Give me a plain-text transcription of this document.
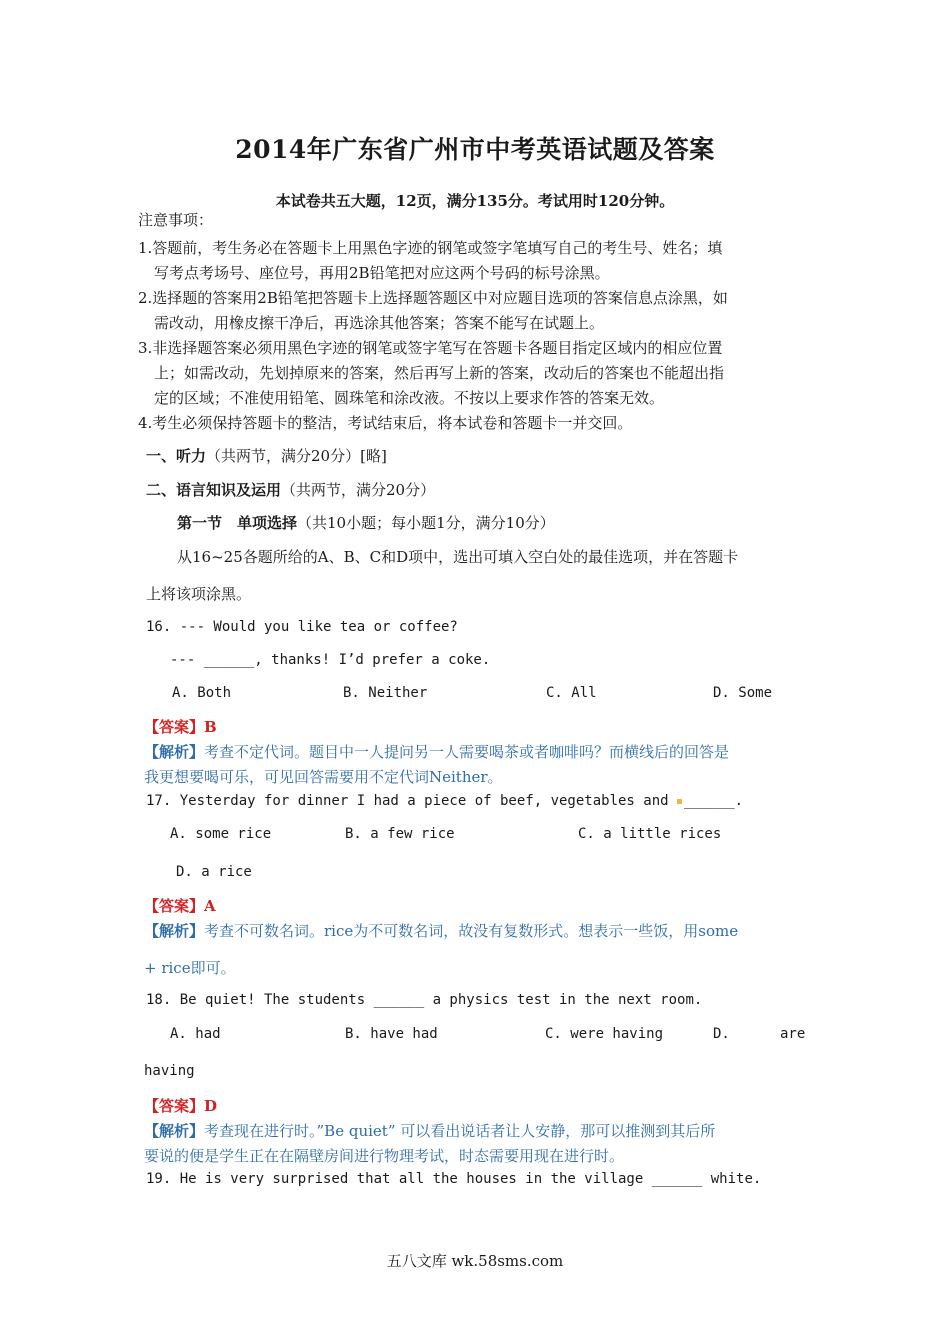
2014年广东省广州市中考英语试题及答案
本试卷共五大题，12页，满分135分。考试用时120分钟。
注意事项：
1.答题前，考生务必在答题卡上用黑色字迹的钢笔或签字笔填写自己的考生号、姓名；填
写考点考场号、座位号，再用2B铅笔把对应这两个号码的标号涂黑。
2.选择题的答案用2B铅笔把答题卡上选择题答题区中对应题目选项的答案信息点涂黑，如
需改动，用橡皮擦干净后，再选涂其他答案；答案不能写在试题上。
3.非选择题答案必须用黑色字迹的钢笔或签字笔写在答题卡各题目指定区域内的相应位置
上；如需改动，先划掉原来的答案，然后再写上新的答案，改动后的答案也不能超出指
定的区域；不准使用铅笔、圆珠笔和涂改液。不按以上要求作答的答案无效。
4.考生必须保持答题卡的整洁，考试结束后，将本试卷和答题卡一并交回。
一、听力（共两节，满分20分）[略]
二、语言知识及运用（共两节，满分20分）
第一节　单项选择（共10小题；每小题1分，满分10分）
从16~25各题所给的A、B、C和D项中，选出可填入空白处的最佳选项，并在答题卡
上将该项涂黑。
16. --- Would you like tea or coffee?
--- ______, thanks! I’d prefer a coke.
A. Both	B. Neither	C. All	D. Some
【答案】B
【解析】考查不定代词。题目中一人提问另一人需要喝茶或者咖啡吗？而横线后的回答是
我更想要喝可乐，可见回答需要用不定代词Neither。
17. Yesterday for dinner I had a piece of beef, vegetables and ______.
A. some rice	B. a few rice	C. a little rices
D. a rice
【答案】A
【解析】考查不可数名词。rice为不可数名词，故没有复数形式。想表示一些饭，用some
+ rice即可。
18. Be quiet! The students ______ a physics test in the next room.
A. had	B. have had	C. were having	D.	are
having
【答案】D
【解析】考查现在进行时。”Be quiet” 可以看出说话者让人安静，那可以推测到其后所
要说的便是学生正在在隔壁房间进行物理考试，时态需要用现在进行时。
19. He is very surprised that all the houses in the village ______ white.
五八文库 wk.58sms.com
